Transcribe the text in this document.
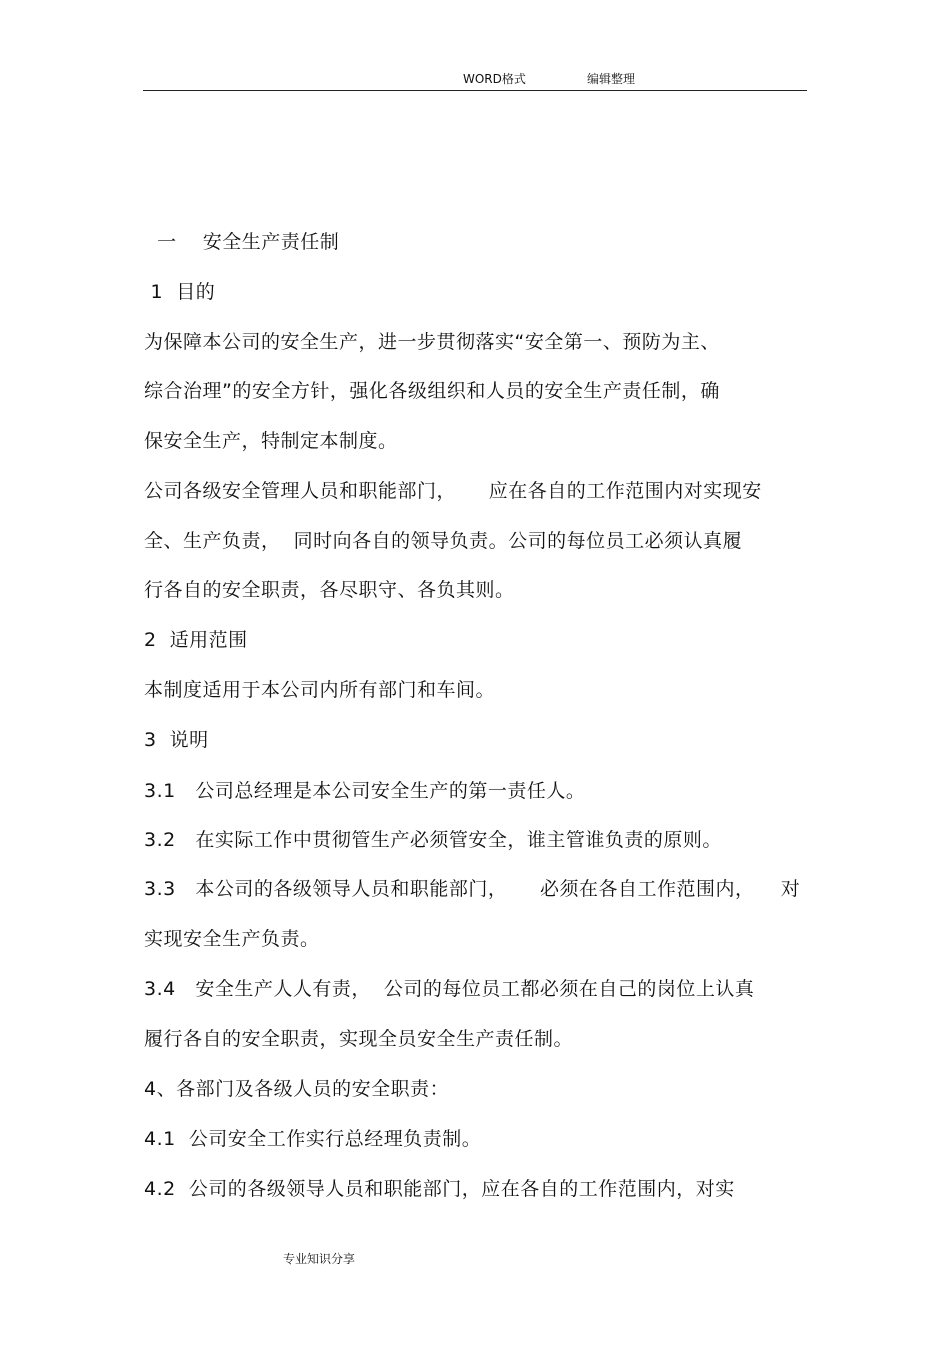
WORD格式	编辑整理
一    安全生产责任制
1  目的
为保障本公司的安全生产，进一步贯彻落实“安全第一、预防为主、
综合治理”的安全方针，强化各级组织和人员的安全生产责任制，确
保安全生产，特制定本制度。
公司各级安全管理人员和职能部门，     应在各自的工作范围内对实现安
全、生产负责，  同时向各自的领导负责。公司的每位员工必须认真履
行各自的安全职责，各尽职守、各负其则。
2  适用范围
本制度适用于本公司内所有部门和车间。
3  说明
3.1   公司总经理是本公司安全生产的第一责任人。
3.2   在实际工作中贯彻管生产必须管安全，谁主管谁负责的原则。
3.3   本公司的各级领导人员和职能部门，     必须在各自工作范围内，    对
实现安全生产负责。
3.4   安全生产人人有责，  公司的每位员工都必须在自己的岗位上认真
履行各自的安全职责，实现全员安全生产责任制。
4、各部门及各级人员的安全职责：
4.1  公司安全工作实行总经理负责制。
4.2  公司的各级领导人员和职能部门，应在各自的工作范围内，对实
专业知识分享
